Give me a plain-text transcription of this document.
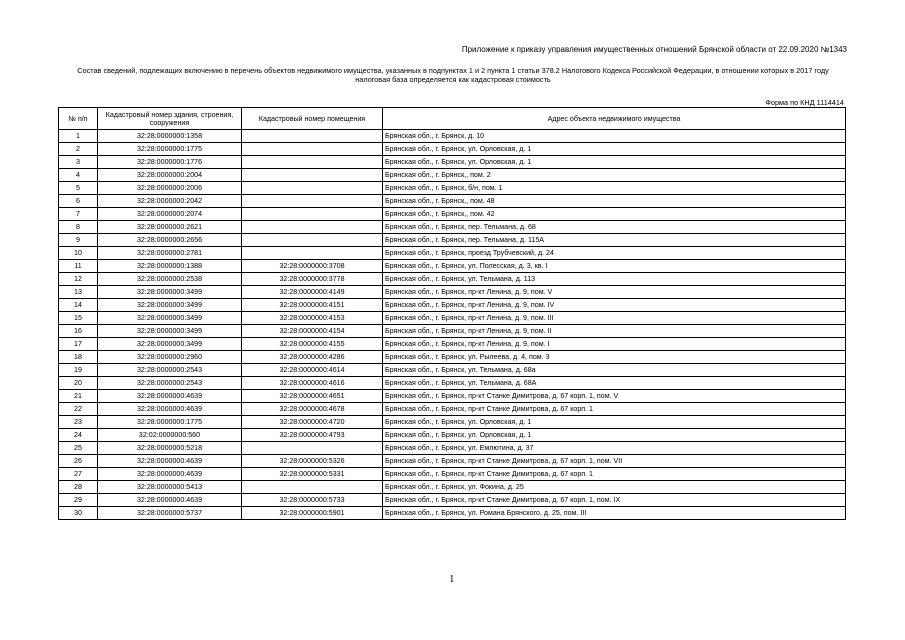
Приложение к приказу управления имущественных отношений Брянской области от 22.09.2020 №1343
Состав сведений, подлежащих включению в перечень объектов недвижимого имущества, указанных в подпунктах 1 и 2 пункта 1 статьи 378.2 Налогового Кодекса Российской Федерации, в отношении которых в 2017 году налоговая база определяется как кадастровая стоимость
Форма по КНД 1114414
№ п/п	Кадастровый номер здания, строения, сооружения	Кадастровый номер помещения	Адрес объекта недвижимого имущества
1	32:28:0000000:1358		Брянская обл., г. Брянск, д. 10
2	32:28:0000000:1775		Брянская обл., г. Брянск, ул. Орловская, д. 1
3	32:28:0000000:1776		Брянская обл., г. Брянск, ул. Орловская, д. 1
4	32:28:0000000:2004		Брянская обл., г. Брянск,, пом. 2
5	32:28:0000000:2006		Брянская обл., г. Брянск, б/н, пом. 1
6	32:28:0000000:2042		Брянская обл., г. Брянск,, пом. 48
7	32:28:0000000:2074		Брянская обл., г. Брянск,, пом. 42
8	32:28:0000000:2621		Брянская обл., г. Брянск, пер. Тельмана, д. 68
9	32:28:0000000:2656		Брянская обл., г. Брянск, пер. Тельмана, д. 115А
10	32:28:0000000:2781		Брянская обл., г. Брянск, проезд Трубчевский, д. 24
11	32:28:0000000:1388	32:28:0000000:3708	Брянская обл., г. Брянск, ул. Полесская, д. 3, кв. I
12	32:28:0000000:2538	32:28:0000000:3778	Брянская обл., г. Брянск, ул. Тельмана, д. 113
13	32:28:0000000:3499	32:28:0000000:4149	Брянская обл., г. Брянск, пр-кт Ленина, д. 9, пом. V
14	32:28:0000000:3499	32:28:0000000:4151	Брянская обл., г. Брянск, пр-кт Ленина, д. 9, пом. IV
15	32:28:0000000:3499	32:28:0000000:4153	Брянская обл., г. Брянск, пр-кт Ленина, д. 9, пом. III
16	32:28:0000000:3499	32:28:0000000:4154	Брянская обл., г. Брянск, пр-кт Ленина, д. 9, пом. II
17	32:28:0000000:3499	32:28:0000000:4155	Брянская обл., г. Брянск, пр-кт Ленина, д. 9, пом. I
18	32:28:0000000:2960	32:28:0000000:4286	Брянская обл., г. Брянск, ул. Рылеева, д. 4, пом. 3
19	32:28:0000000:2543	32:28:0000000:4614	Брянская обл., г. Брянск, ул. Тельмана, д. 68а
20	32:28:0000000:2543	32:28:0000000:4616	Брянская обл., г. Брянск, ул. Тельмана, д. 68А
21	32:28:0000000:4639	32:28:0000000:4651	Брянская обл., г. Брянск, пр-кт Станке Димитрова, д. 67 корп. 1, пом. V
22	32:28:0000000:4639	32:28:0000000:4678	Брянская обл., г. Брянск, пр-кт Станке Димитрова, д. 67 корп. 1
23	32:28:0000000:1775	32:28:0000000:4720	Брянская обл., г. Брянск, ул. Орловская, д. 1
24	32:02:0000000:560	32:28:0000000:4793	Брянская обл., г. Брянск, ул. Орловская, д. 1
25	32:28:0000000:5218		Брянская обл., г. Брянск, ул. Емлютина, д. 37
26	32:28:0000000:4639	32:28:0000000:5326	Брянская обл., г. Брянск, пр-кт Станке Димитрова, д. 67 корп. 1, пом. VII
27	32:28:0000000:4639	32:28:0000000:5331	Брянская обл., г. Брянск, пр-кт Станке Димитрова, д. 67 корп. 1
28	32:28:0000000:5413		Брянская обл., г. Брянск, ул. Фокина, д. 25
29	32:28:0000000:4639	32:28:0000000:5733	Брянская обл., г. Брянск, пр-кт Станке Димитрова, д. 67 корп. 1, пом. IX
30	32:28:0000000:5737	32:28:0000000:5901	Брянская обл., г. Брянск, ул. Романа Брянского, д. 25, пом. III
1
